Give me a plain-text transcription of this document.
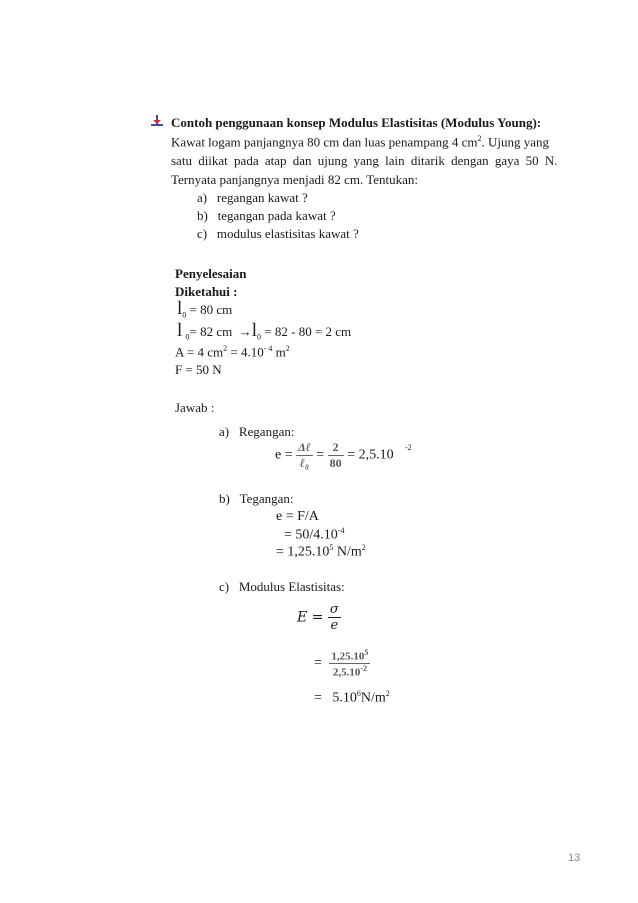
Contoh penggunaan konsep Modulus Elastisitas (Modulus Young):
Kawat logam panjangnya 80 cm dan luas penampang 4 $cm^2$. Ujung yang
satu diikat pada atap dan ujung yang lain ditarik dengan gaya 50 N.
Ternyata panjangnya menjadi 82 cm. Tentukan:
a) regangan kawat ?
b) tegangan pada kawat ?
c) modulus elastisitas kawat ?
Penyelesaian
Diketahui :
$l_0 = 80$ cm
l $_0$= 82 cm $\to l_0 = 82 - 80 = 2$ cm
A = 4 $cm^2 = 4.10^{- 4}$ $m^2$
F = 50 N
Jawab :
a) Regangan:
$e = \frac{\text{Δℓ}}{\text{ℓ₀}} = \frac{2}{80} = 2,5.10$
-2
b) Tegangan:
e = F/A
= $50/4.10^{-4}$
= $1,25.10^5$ $N/m^2$
c) Modulus Elastisitas:
$E = \frac{\sigma}{e}$
= $\frac{1,25.10^5}{2,5.10^{-2}}$
= $5.10^6N/m^2$
13
